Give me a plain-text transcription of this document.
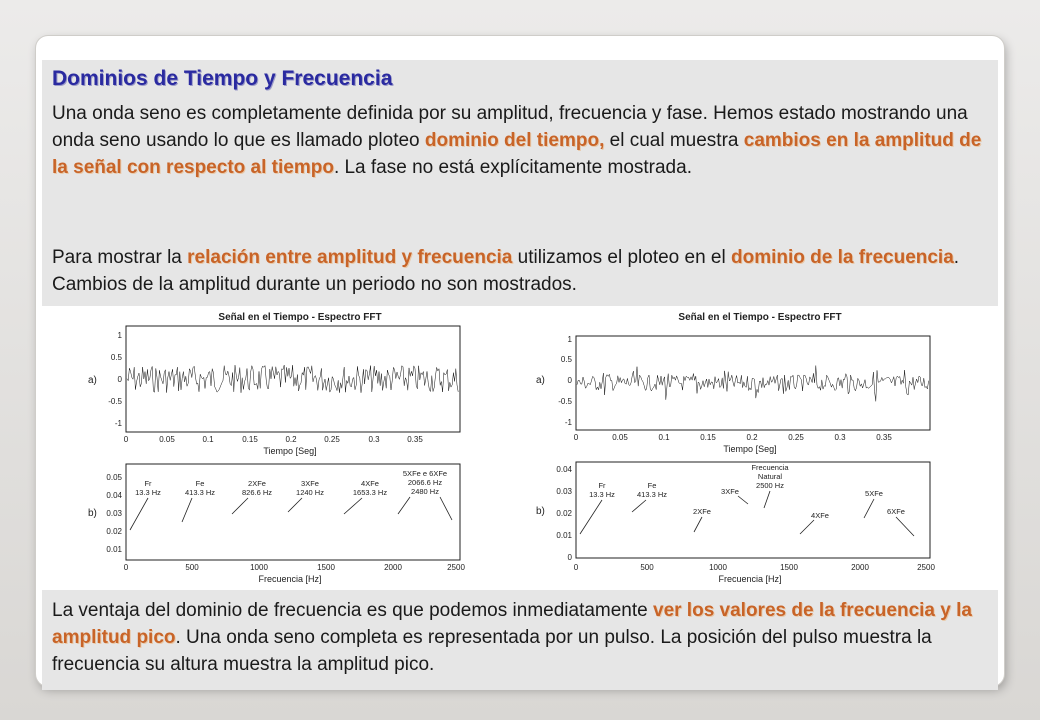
Dominios de Tiempo y Frecuencia

Una onda seno es completamente definida por su amplitud, frecuencia y fase. Hemos estado mostrando una onda seno usando lo que es llamado ploteo dominio del tiempo, el cual muestra cambios en la amplitud de la señal con respecto al tiempo. La fase no está explícitamente mostrada.

Para mostrar la relación entre amplitud y frecuencia utilizamos el ploteo en el dominio de la frecuencia. Cambios de la amplitud durante un periodo no son mostrados.

Señal en el Tiempo - Espectro FFT
a)
1
0.5
0
-0.5
-1
0	0.05	0.1	0.15	0.2	0.25	0.3	0.35
Tiempo [Seg]
b)
0.05
0.04
0.03
0.02
0.01
0	500	1000	1500	2000	2500
Frecuencia [Hz]
Fr
13.3 Hz
Fe
413.3 Hz
2XFe
826.6 Hz
3XFe
1240 Hz
4XFe
1653.3 Hz
5XFe e 6XFe
2066.6 Hz
2480 Hz
Señal en el Tiempo - Espectro FFT
a)
1
0.5
0
-0.5
-1
0	0.05	0.1	0.15	0.2	0.25	0.3	0.35
Tiempo [Seg]
b)
0.04
0.03
0.02
0.01
0
0	500	1000	1500	2000	2500
Frecuencia [Hz]
Fr
13.3 Hz
Fe
413.3 Hz
2XFe
3XFe
Frecuencia
Natural
2500 Hz
4XFe
5XFe
6XFe

La ventaja del dominio de frecuencia es que podemos inmediatamente ver los valores de la frecuencia y la amplitud pico. Una onda seno completa es representada por un pulso. La posición del pulso muestra la frecuencia su altura muestra la amplitud pico.
